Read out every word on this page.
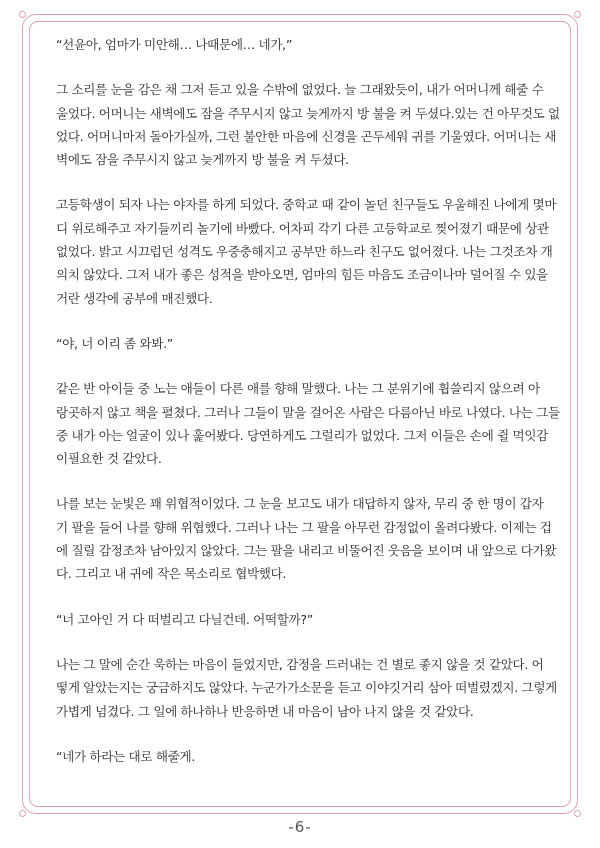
“선윤아, 엄마가 미안해… 나때문에… 네가,”
그 소리를 눈을 감은 채 그저 듣고 있을 수밖에 없었다. 늘 그래왔듯이, 내가 어머니께 해줄 수
울었다. 어머니는 새벽에도 잠을 주무시지 않고 늦게까지 방 불을 켜 두셨다.있는 건 아무것도 없
었다. 어머니마저 돌아가실까, 그런 불안한 마음에 신경을 곤두세워 귀를 기울였다. 어머니는 새
벽에도 잠을 주무시지 않고 늦게까지 방 불을 켜 두셨다.
고등학생이 되자 나는 야자를 하게 되었다. 중학교 때 같이 놀던 친구들도 우울해진 나에게 몇마
디 위로해주고 자기들끼리 놀기에 바빴다. 어차피 각기 다른 고등학교로 찢어졌기 때문에 상관
없었다. 밝고 시끄럽던 성격도 우중충해지고 공부만 하느라 친구도 없어졌다. 나는 그것조차 개
의치 않았다. 그저 내가 좋은 성적을 받아오면, 엄마의 힘든 마음도 조금이나마 덜어질 수 있을
거란 생각에 공부에 매진했다.
“야, 너 이리 좀 와봐.”
같은 반 아이들 중 노는 애들이 다른 애를 향해 말했다. 나는 그 분위기에 휩쓸리지 않으려 아
랑곳하지 않고 책을 펼쳤다. 그러나 그들이 말을 걸어온 사람은 다름아닌 바로 나였다. 나는 그들
중 내가 아는 얼굴이 있나 훑어봤다. 당연하게도 그럴리가 없었다. 그저 이들은 손에 쥘 먹잇감
이필요한 것 같았다.
나를 보는 눈빛은 꽤 위협적이었다. 그 눈을 보고도 내가 대답하지 않자, 무리 중 한 명이 갑자
기 팔을 들어 나를 향해 위협했다. 그러나 나는 그 팔을 아무런 감정없이 올려다봤다. 이제는 겁
에 질릴 감정조차 남아있지 않았다. 그는 팔을 내리고 비뚤어진 웃음을 보이며 내 앞으로 다가왔
다. 그리고 내 귀에 작은 목소리로 협박했다.
“너 고아인 거 다 떠벌리고 다닐건데. 어떡할까?”
나는 그 말에 순간 욱하는 마음이 들었지만, 감정을 드러내는 건 별로 좋지 않을 것 같았다. 어
떻게 알았는지는 궁금하지도 않았다. 누군가가소문을 듣고 이야깃거리 삼아 떠벌렸겠지. 그렇게
가볍게 넘겼다. 그 일에 하나하나 반응하면 내 마음이 남아 나지 않을 것 같았다.
“네가 하라는 대로 해줄게.
-6-
